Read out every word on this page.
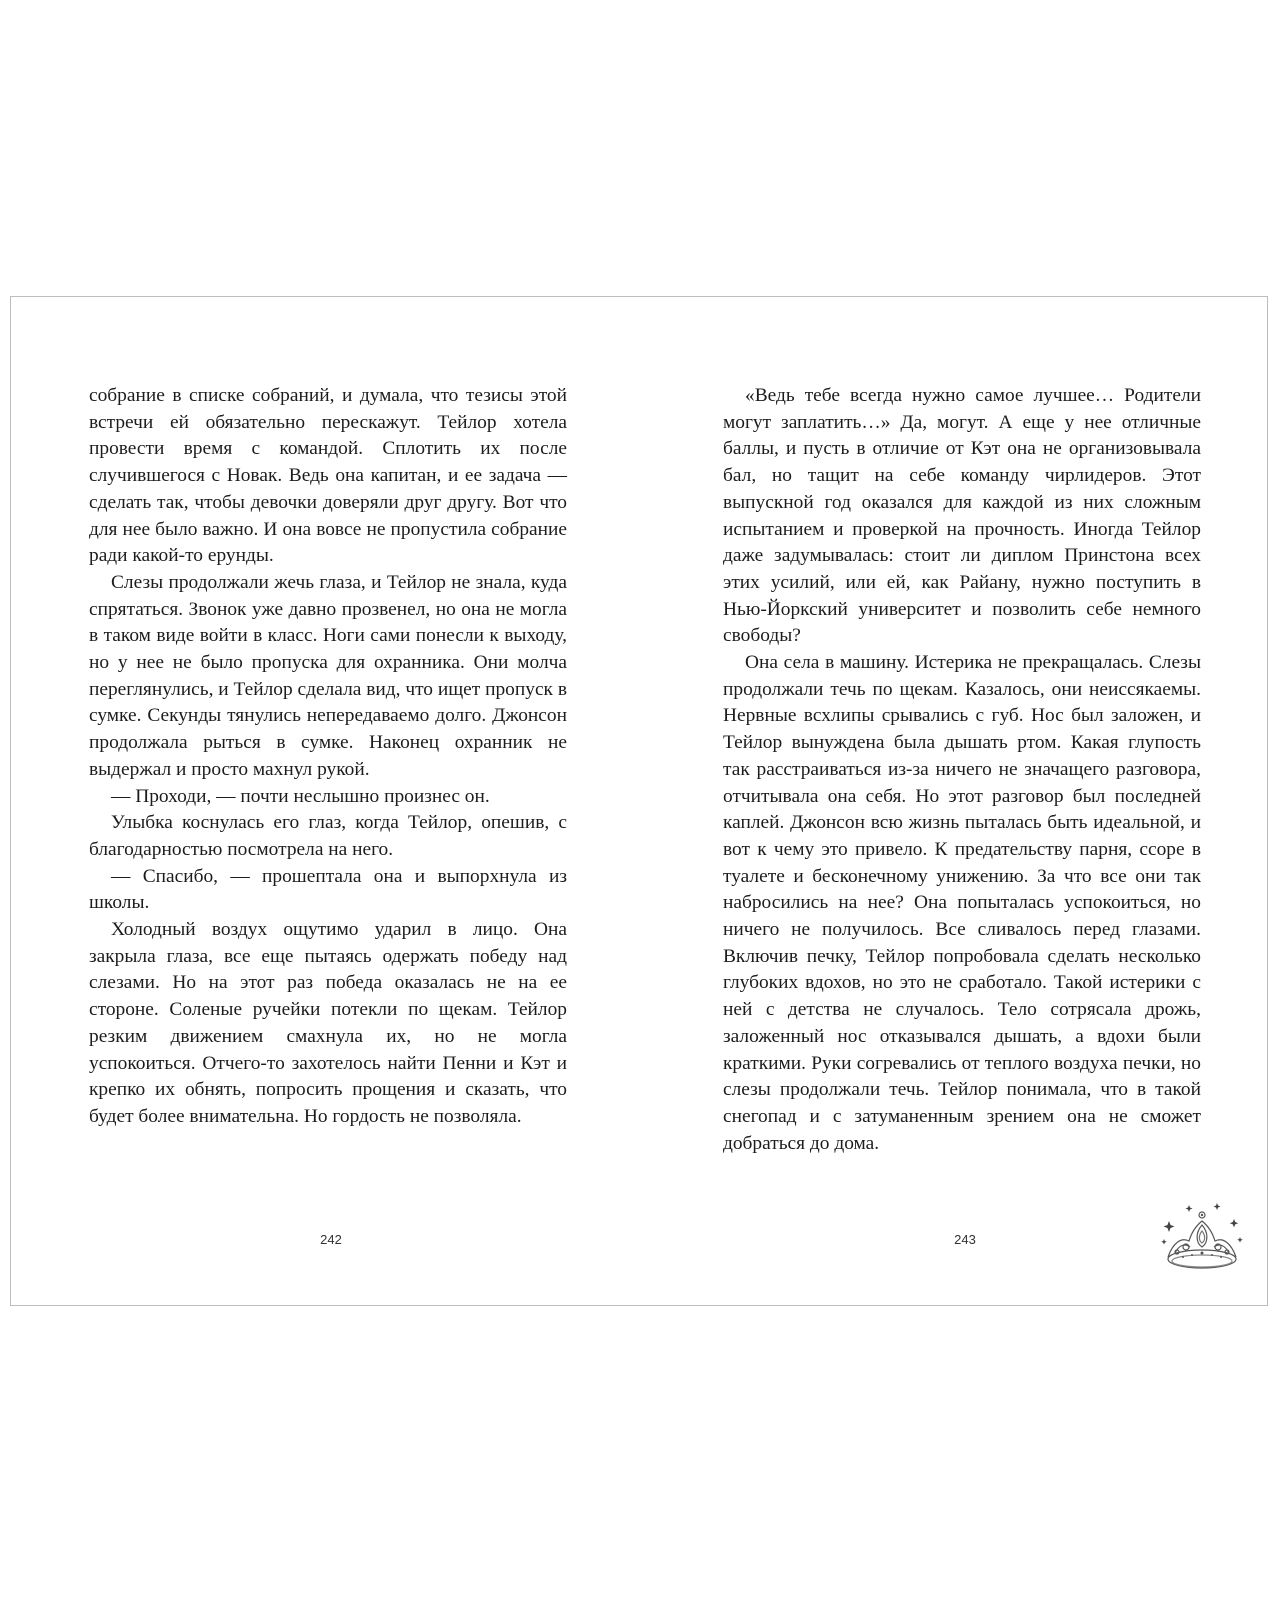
собрание в списке собраний, и думала, что тезисы этой встречи ей обязательно перескажут. Тейлор хотела провести время с командой. Сплотить их после случившегося с Новак. Ведь она капитан, и ее задача — сделать так, чтобы девочки доверяли друг другу. Вот что для нее было важно. И она вовсе не пропустила собрание ради какой-то ерунды.

Слезы продолжали жечь глаза, и Тейлор не знала, куда спрятаться. Звонок уже давно прозвенел, но она не могла в таком виде войти в класс. Ноги сами понесли к выходу, но у нее не было пропуска для охранника. Они молча переглянулись, и Тейлор сделала вид, что ищет пропуск в сумке. Секунды тянулись непередаваемо долго. Джонсон продолжала рыться в сумке. Наконец охранник не выдержал и просто махнул рукой.

— Проходи, — почти неслышно произнес он.

Улыбка коснулась его глаз, когда Тейлор, опешив, с благодарностью посмотрела на него.

— Спасибо, — прошептала она и выпорхнула из школы.

Холодный воздух ощутимо ударил в лицо. Она закрыла глаза, все еще пытаясь одержать победу над слезами. Но на этот раз победа оказалась не на ее стороне. Соленые ручейки потекли по щекам. Тейлор резким движением смахнула их, но не могла успокоиться. Отчего-то захотелось найти Пенни и Кэт и крепко их обнять, попросить прощения и сказать, что будет более внимательна. Но гордость не позволяла.

«Ведь тебе всегда нужно самое лучшее… Родители могут заплатить…» Да, могут. А еще у нее отличные баллы, и пусть в отличие от Кэт она не организовывала бал, но тащит на себе команду чирлидеров. Этот выпускной год оказался для каждой из них сложным испытанием и проверкой на прочность. Иногда Тейлор даже задумывалась: стоит ли диплом Принстона всех этих усилий, или ей, как Райану, нужно поступить в Нью-Йоркский университет и позволить себе немного свободы?

Она села в машину. Истерика не прекращалась. Слезы продолжали течь по щекам. Казалось, они неиссякаемы. Нервные всхлипы срывались с губ. Нос был заложен, и Тейлор вынуждена была дышать ртом. Какая глупость так расстраиваться из-за ничего не значащего разговора, отчитывала она себя. Но этот разговор был последней каплей. Джонсон всю жизнь пыталась быть идеальной, и вот к чему это привело. К предательству парня, ссоре в туалете и бесконечному унижению. За что все они так набросились на нее? Она попыталась успокоиться, но ничего не получилось. Все сливалось перед глазами. Включив печку, Тейлор попробовала сделать несколько глубоких вдохов, но это не сработало. Такой истерики с ней с детства не случалось. Тело сотрясала дрожь, заложенный нос отказывался дышать, а вдохи были краткими. Руки согревались от теплого воздуха печки, но слезы продолжали течь. Тейлор понимала, что в такой снегопад и с затуманенным зрением она не сможет добраться до дома.

242	243
